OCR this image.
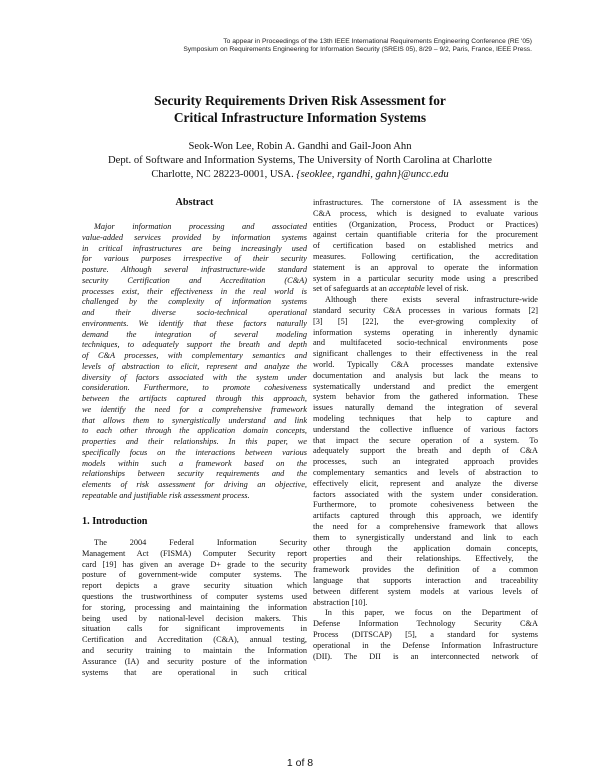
To appear in Proceedings of the 13th IEEE International Requirements Engineering Conference (RE '05)
Symposium on Requirements Engineering for Information Security (SREIS 05), 8/29 – 9/2, Paris, France, IEEE Press.
Security Requirements Driven Risk Assessment for
Critical Infrastructure Information Systems
Seok-Won Lee, Robin A. Gandhi and Gail-Joon Ahn
Dept. of Software and Information Systems, The University of North Carolina at Charlotte
Charlotte, NC 28223-0001, USA. {seoklee, rgandhi, gahn}@uncc.edu
Abstract
Major information processing and associated
value-added services provided by information systems
in critical infrastructures are being increasingly used
for various purposes irrespective of their security
posture. Although several infrastructure-wide standard
security Certification and Accreditation (C&A)
processes exist, their effectiveness in the real world is
challenged by the complexity of information systems
and their diverse socio-technical operational
environments. We identify that these factors naturally
demand the integration of several modeling
techniques, to adequately support the breath and depth
of C&A processes, with complementary semantics and
levels of abstraction to elicit, represent and analyze the
diversity of factors associated with the system under
consideration. Furthermore, to promote cohesiveness
between the artifacts captured through this approach,
we identify the need for a comprehensive framework
that allows them to synergistically understand and link
to each other through the application domain concepts,
properties and their relationships. In this paper, we
specifically focus on the interactions between various
models within such a framework based on the
relationships between security requirements and the
elements of risk assessment for driving an objective,
repeatable and justifiable risk assessment process.
1. Introduction
The 2004 Federal Information Security
Management Act (FISMA) Computer Security report
card [19] has given an average D+ grade to the security
posture of government-wide computer systems. The
report depicts a grave security situation which
questions the trustworthiness of computer systems used
for storing, processing and maintaining the information
being used by national-level decision makers. This
situation calls for significant improvements in
Certification and Accreditation (C&A), annual testing,
and security training to maintain the Information
Assurance (IA) and security posture of the information
systems that are operational in such critical
infrastructures. The cornerstone of IA assessment is the
C&A process, which is designed to evaluate various
entities (Organization, Process, Product or Practices)
against certain quantifiable criteria for the procurement
of certification based on established metrics and
measures. Following certification, the accreditation
statement is an approval to operate the information
system in a particular security mode using a prescribed
set of safeguards at an acceptable level of risk.
Although there exists several infrastructure-wide
standard security C&A processes in various formats [2]
[3] [5] [22], the ever-growing complexity of
information systems operating in inherently dynamic
and multifaceted socio-technical environments pose
significant challenges to their effectiveness in the real
world. Typically C&A processes mandate extensive
documentation and analysis but lack the means to
systematically understand and predict the emergent
system behavior from the gathered information. These
issues naturally demand the integration of several
modeling techniques that help to capture and
understand the collective influence of various factors
that impact the secure operation of a system. To
adequately support the breath and depth of C&A
processes, such an integrated approach provides
complementary semantics and levels of abstraction to
effectively elicit, represent and analyze the diverse
factors associated with the system under consideration.
Furthermore, to promote cohesiveness between the
artifacts captured through this approach, we identify
the need for a comprehensive framework that allows
them to synergistically understand and link to each
other through the application domain concepts,
properties and their relationships. Effectively, the
framework provides the definition of a common
language that supports interaction and traceability
between different system models at various levels of
abstraction [10].
In this paper, we focus on the Department of
Defense Information Technology Security C&A
Process (DITSCAP) [5], a standard for systems
operational in the Defense Information Infrastructure
(DII). The DII is an interconnected network of
1 of 8
